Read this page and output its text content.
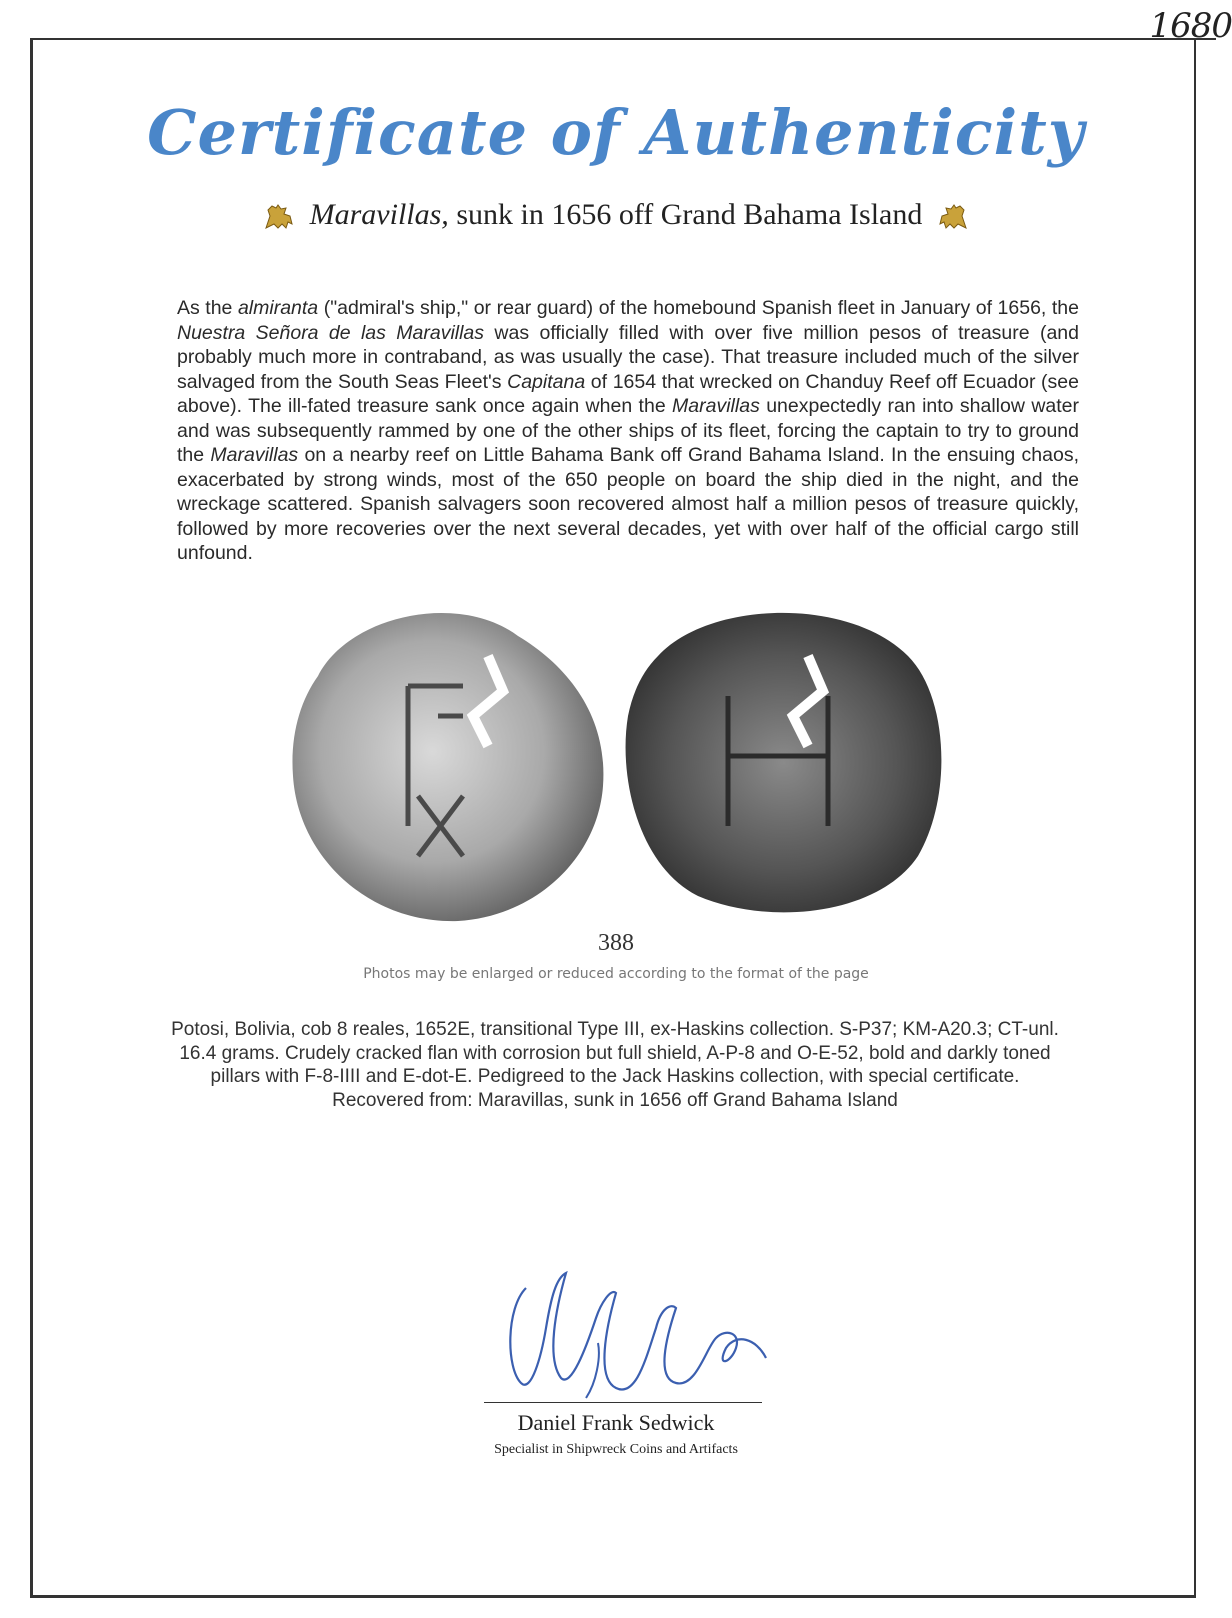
1680
Certificate of Authenticity
Maravillas, sunk in 1656 off Grand Bahama Island
As the almiranta ("admiral's ship," or rear guard) of the homebound Spanish fleet in January of 1656, the Nuestra Señora de las Maravillas was officially filled with over five million pesos of treasure (and probably much more in contraband, as was usually the case). That treasure included much of the silver salvaged from the South Seas Fleet's Capitana of 1654 that wrecked on Chanduy Reef off Ecuador (see above). The ill-fated treasure sank once again when the Maravillas unexpectedly ran into shallow water and was subsequently rammed by one of the other ships of its fleet, forcing the captain to try to ground the Maravillas on a nearby reef on Little Bahama Bank off Grand Bahama Island. In the ensuing chaos, exacerbated by strong winds, most of the 650 people on board the ship died in the night, and the wreckage scattered. Spanish salvagers soon recovered almost half a million pesos of treasure quickly, followed by more recoveries over the next several decades, yet with over half of the official cargo still unfound.
388
Photos may be enlarged or reduced according to the format of the page
Potosi, Bolivia, cob 8 reales, 1652E, transitional Type III, ex-Haskins collection. S-P37; KM-A20.3; CT-unl. 16.4 grams. Crudely cracked flan with corrosion but full shield, A-P-8 and O-E-52, bold and darkly toned pillars with F-8-IIII and E-dot-E. Pedigreed to the Jack Haskins collection, with special certificate. Recovered from: Maravillas, sunk in 1656 off Grand Bahama Island
Daniel Frank Sedwick
Specialist in Shipwreck Coins and Artifacts
